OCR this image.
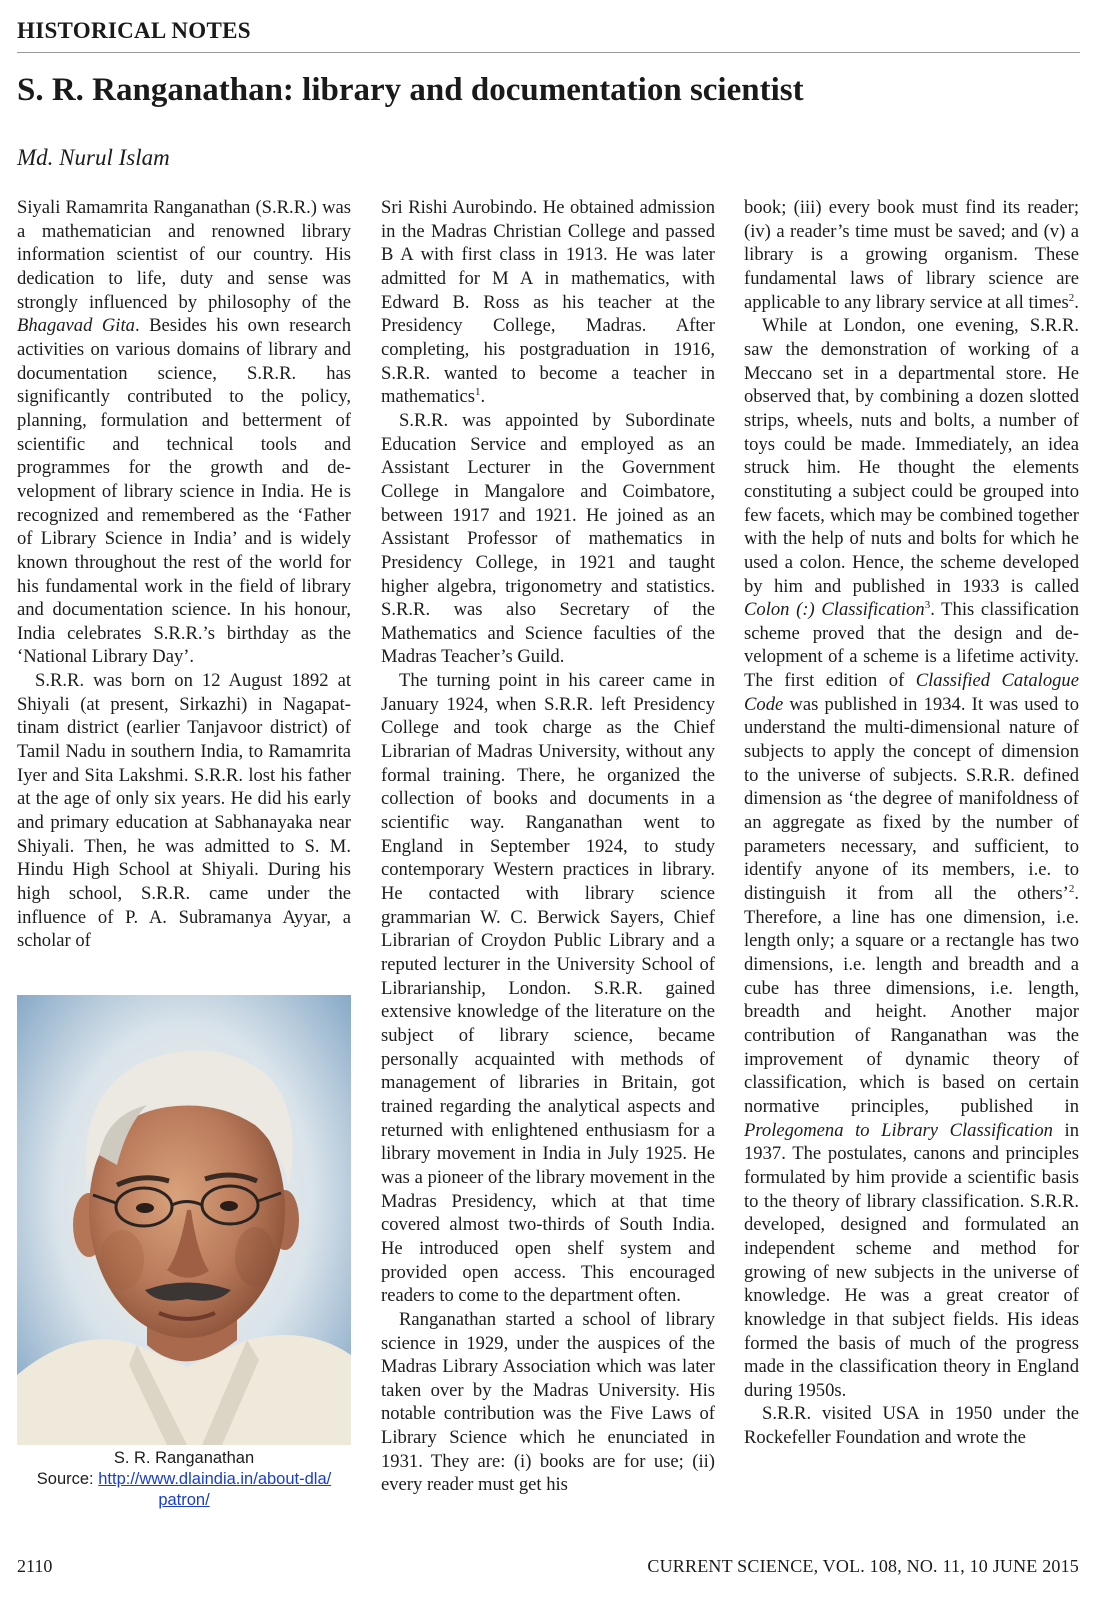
HISTORICAL NOTES
S. R. Ranganathan: library and documentation scientist

Md. Nurul Islam

Siyali Ramamrita Ranganathan (S.R.R.) was a mathematician and renowned library information scientist of our country. His dedication to life, duty and sense was strongly influenced by philosophy of the Bhagavad Gita. Besides his own research activities on various domains of library and documentation science, S.R.R. has significantly contributed to the policy, planning, formulation and betterment of scientific and technical tools and programmes for the growth and development of library science in India. He is recognized and remembered as the ‘Father of Library Science in India’ and is widely known throughout the rest of the world for his fundamental work in the field of library and documentation science. In his honour, India celebrates S.R.R.’s birthday as the ‘National Library Day’.

S.R.R. was born on 12 August 1892 at Shiyali (at present, Sirkazhi) in Nagapattinam district (earlier Tanjavoor district) of Tamil Nadu in southern India, to Ramamrita Iyer and Sita Lakshmi. S.R.R. lost his father at the age of only six years. He did his early and primary education at Sabhanayaka near Shiyali. Then, he was admitted to S. M. Hindu High School at Shiyali. During his high school, S.R.R. came under the influence of P. A. Subramanya Ayyar, a scholar of

Sri Rishi Aurobindo. He obtained admission in the Madras Christian College and passed B A with first class in 1913. He was later admitted for M A in mathematics, with Edward B. Ross as his teacher at the Presidency College, Madras. After completing, his postgraduation in 1916, S.R.R. wanted to become a teacher in mathematics$^1$.

S.R.R. was appointed by Subordinate Education Service and employed as an Assistant Lecturer in the Government College in Mangalore and Coimbatore, between 1917 and 1921. He joined as an Assistant Professor of mathematics in Presidency College, in 1921 and taught higher algebra, trigonometry and statistics. S.R.R. was also Secretary of the Mathematics and Science faculties of the Madras Teacher’s Guild.

The turning point in his career came in January 1924, when S.R.R. left Presidency College and took charge as the Chief Librarian of Madras University, without any formal training. There, he organized the collection of books and documents in a scientific way. Ranganathan went to England in September 1924, to study contemporary Western practices in library. He contacted with library science grammarian W. C. Berwick Sayers, Chief Librarian of Croydon Public Library and a reputed lecturer in the University School of Librarianship, London. S.R.R. gained extensive knowledge of the literature on the subject of library science, became personally acquainted with methods of management of libraries in Britain, got trained regarding the analytical aspects and returned with enlightened enthusiasm for a library movement in India in July 1925. He was a pioneer of the library movement in the Madras Presidency, which at that time covered almost two-thirds of South India. He introduced open shelf system and provided open access. This encouraged readers to come to the department often.

Ranganathan started a school of library science in 1929, under the auspices of the Madras Library Association which was later taken over by the Madras University. His notable contribution was the Five Laws of Library Science which he enunciated in 1931. They are: (i) books are for use; (ii) every reader must get his

book; (iii) every book must find its reader; (iv) a reader’s time must be saved; and (v) a library is a growing organism. These fundamental laws of library science are applicable to any library service at all times$^2$.

While at London, one evening, S.R.R. saw the demonstration of working of a Meccano set in a departmental store. He observed that, by combining a dozen slotted strips, wheels, nuts and bolts, a number of toys could be made. Immediately, an idea struck him. He thought the elements constituting a subject could be grouped into few facets, which may be combined together with the help of nuts and bolts for which he used a colon. Hence, the scheme developed by him and published in 1933 is called Colon (:) Classification$^3$. This classification scheme proved that the design and development of a scheme is a lifetime activity. The first edition of Classified Catalogue Code was published in 1934. It was used to understand the multi-dimensional nature of subjects to apply the concept of dimension to the universe of subjects. S.R.R. defined dimension as ‘the degree of manifoldness of an aggregate as fixed by the number of parameters necessary, and sufficient, to identify anyone of its members, i.e. to distinguish it from all the others’$^2$. Therefore, a line has one dimension, i.e. length only; a square or a rectangle has two dimensions, i.e. length and breadth and a cube has three dimensions, i.e. length, breadth and height. Another major contribution of Ranganathan was the improvement of dynamic theory of classification, which is based on certain normative principles, published in Prolegomena to Library Classification in 1937. The postulates, canons and principles formulated by him provide a scientific basis to the theory of library classification. S.R.R. developed, designed and formulated an independent scheme and method for growing of new subjects in the universe of knowledge. He was a great creator of knowledge in that subject fields. His ideas formed the basis of much of the progress made in the classification theory in England during 1950s.

S.R.R. visited USA in 1950 under the Rockefeller Foundation and wrote the

S. R. Ranganathan
Source: http://www.dlaindia.in/about-dla/
patron/

2110	CURRENT SCIENCE, VOL. 108, NO. 11, 10 JUNE 2015
